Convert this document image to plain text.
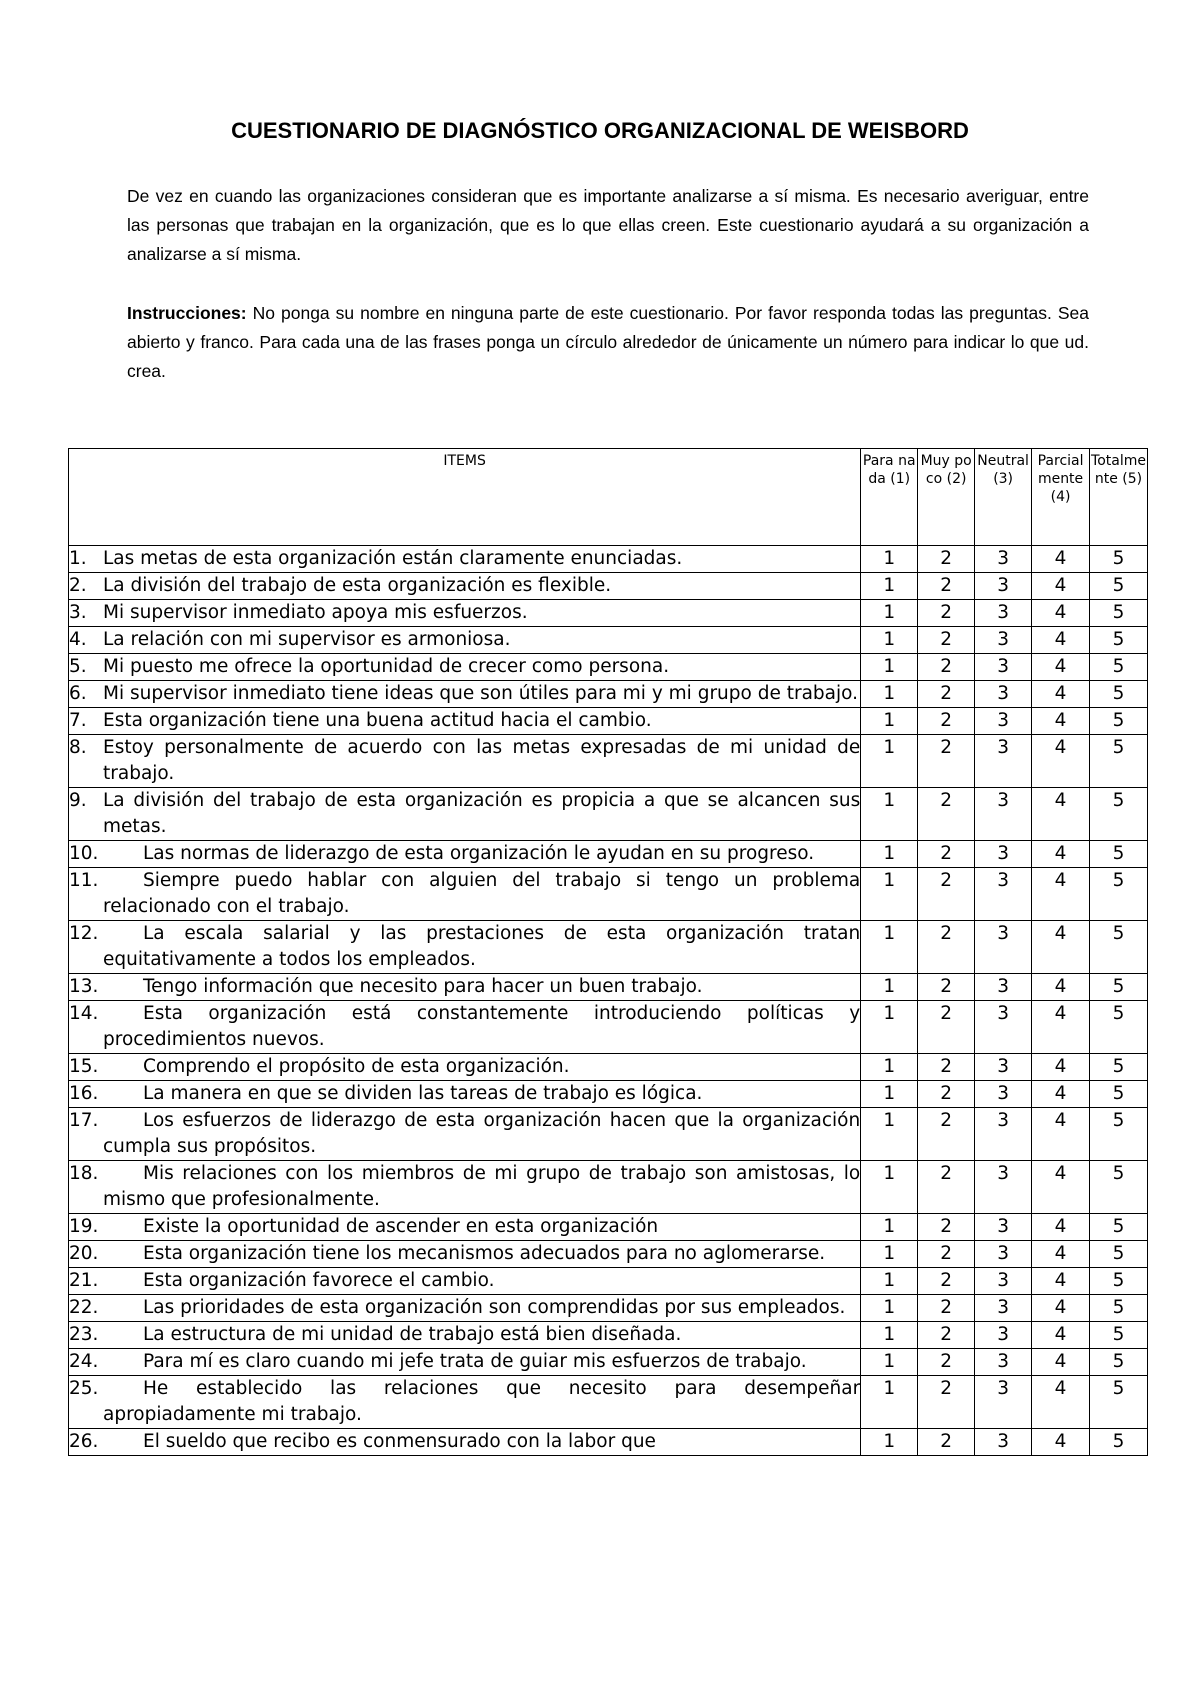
CUESTIONARIO DE DIAGNÓSTICO ORGANIZACIONAL DE WEISBORD

De vez en cuando las organizaciones consideran que es importante analizarse a sí misma. Es necesario averiguar, entre las personas que trabajan en la organización, que es lo que ellas creen. Este cuestionario ayudará a su organización a analizarse a sí misma.

Instrucciones: No ponga su nombre en ninguna parte de este cuestionario. Por favor responda todas las preguntas. Sea abierto y franco. Para cada una de las frases ponga un círculo alrededor de únicamente un número para indicar lo que ud. crea.

ITEMS	Para nada (1)	Muy poco (2)	Neutral (3)	Parcialmente (4)	Totalmente (5)

1. Las metas de esta organización están claramente enunciadas.	1	2	3	4	5

2. La división del trabajo de esta organización es flexible.	1	2	3	4	5

3. Mi supervisor inmediato apoya mis esfuerzos.	1	2	3	4	5

4. La relación con mi supervisor es armoniosa.	1	2	3	4	5

5. Mi puesto me ofrece la oportunidad de crecer como persona.	1	2	3	4	5

6. Mi supervisor inmediato tiene ideas que son útiles para mi y mi grupo de trabajo.	1	2	3	4	5

7. Esta organización tiene una buena actitud hacia el cambio.	1	2	3	4	5

8. Estoy personalmente de acuerdo con las metas expresadas de mi unidad de trabajo.	1	2	3	4	5

9. La división del trabajo de esta organización es propicia a que se alcancen sus metas.	1	2	3	4	5

10. Las normas de liderazgo de esta organización le ayudan en su progreso.	1	2	3	4	5

11. Siempre puedo hablar con alguien del trabajo si tengo un problema relacionado con el trabajo.	1	2	3	4	5

12. La escala salarial y las prestaciones de esta organización tratan equitativamente a todos los empleados.	1	2	3	4	5

13. Tengo información que necesito para hacer un buen trabajo.	1	2	3	4	5

14. Esta organización está constantemente introduciendo políticas y procedimientos nuevos.	1	2	3	4	5

15. Comprendo el propósito de esta organización.	1	2	3	4	5

16. La manera en que se dividen las tareas de trabajo es lógica.	1	2	3	4	5

17. Los esfuerzos de liderazgo de esta organización hacen que la organización cumpla sus propósitos.	1	2	3	4	5

18. Mis relaciones con los miembros de mi grupo de trabajo son amistosas, lo mismo que profesionalmente.	1	2	3	4	5

19. Existe la oportunidad de ascender en esta organización	1	2	3	4	5

20. Esta organización tiene los mecanismos adecuados para no aglomerarse.	1	2	3	4	5

21. Esta organización favorece el cambio.	1	2	3	4	5

22. Las prioridades de esta organización son comprendidas por sus empleados.	1	2	3	4	5

23. La estructura de mi unidad de trabajo está bien diseñada.	1	2	3	4	5

24. Para mí es claro cuando mi jefe trata de guiar mis esfuerzos de trabajo.	1	2	3	4	5

25. He establecido las relaciones que necesito para desempeñar apropiadamente mi trabajo.	1	2	3	4	5

26. El sueldo que recibo es conmensurado con la labor que	1	2	3	4	5
